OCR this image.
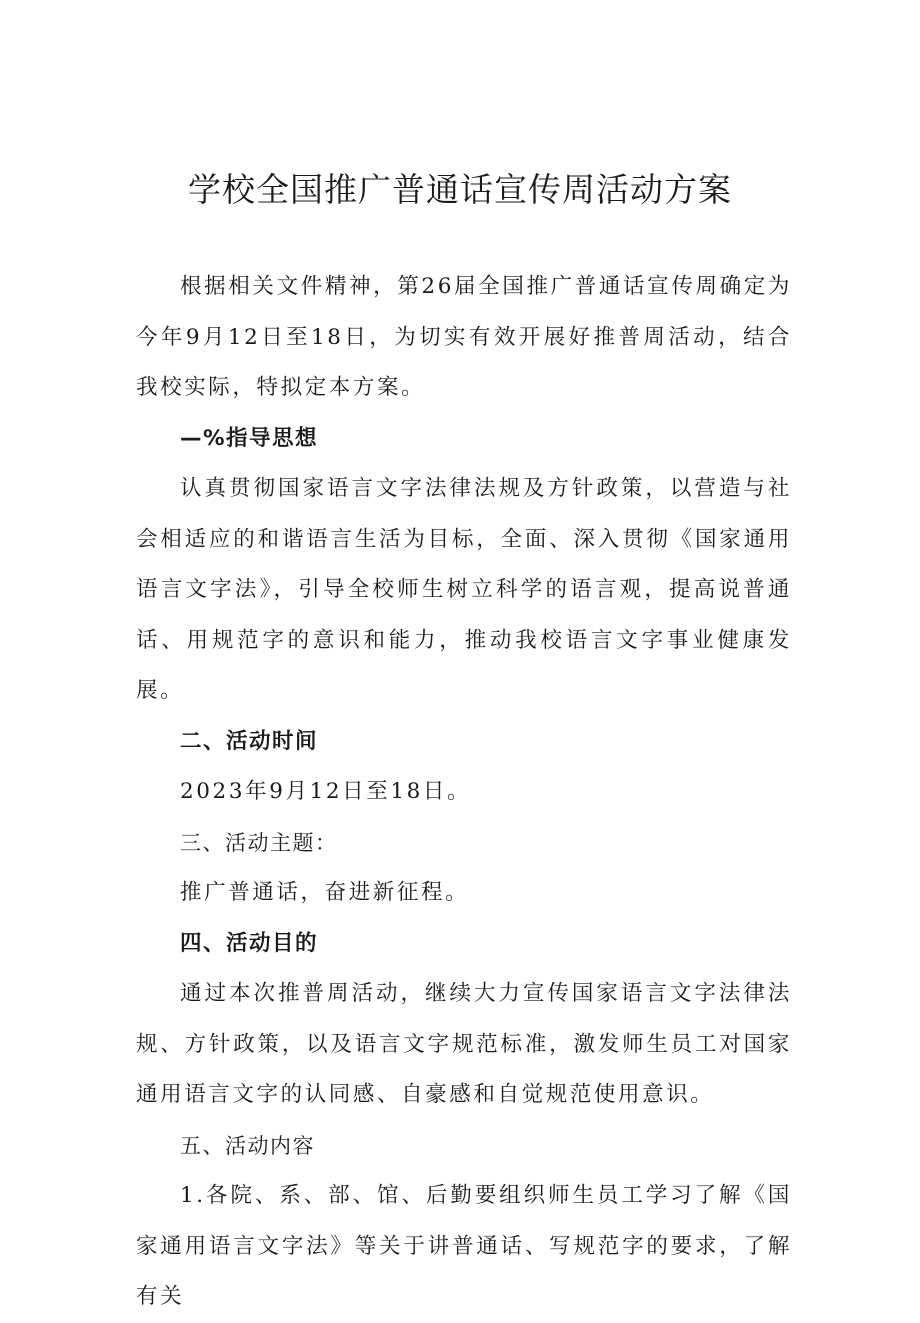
学校全国推广普通话宣传周活动方案

根据相关文件精神，第26届全国推广普通话宣传周确定为今年9月12日至18日，为切实有效开展好推普周活动，结合我校实际，特拟定本方案。

—%指导思想

认真贯彻国家语言文字法律法规及方针政策，以营造与社会相适应的和谐语言生活为目标，全面、深入贯彻《国家通用语言文字法》，引导全校师生树立科学的语言观，提高说普通话、用规范字的意识和能力，推动我校语言文字事业健康发展。

二、活动时间

2023年9月12日至18日。

三、活动主题：

推广普通话，奋进新征程。

四、活动目的

通过本次推普周活动，继续大力宣传国家语言文字法律法规、方针政策，以及语言文字规范标准，激发师生员工对国家通用语言文字的认同感、自豪感和自觉规范使用意识。

五、活动内容

1.各院、系、部、馆、后勤要组织师生员工学习了解《国家通用语言文字法》等关于讲普通话、写规范字的要求，了解有关
